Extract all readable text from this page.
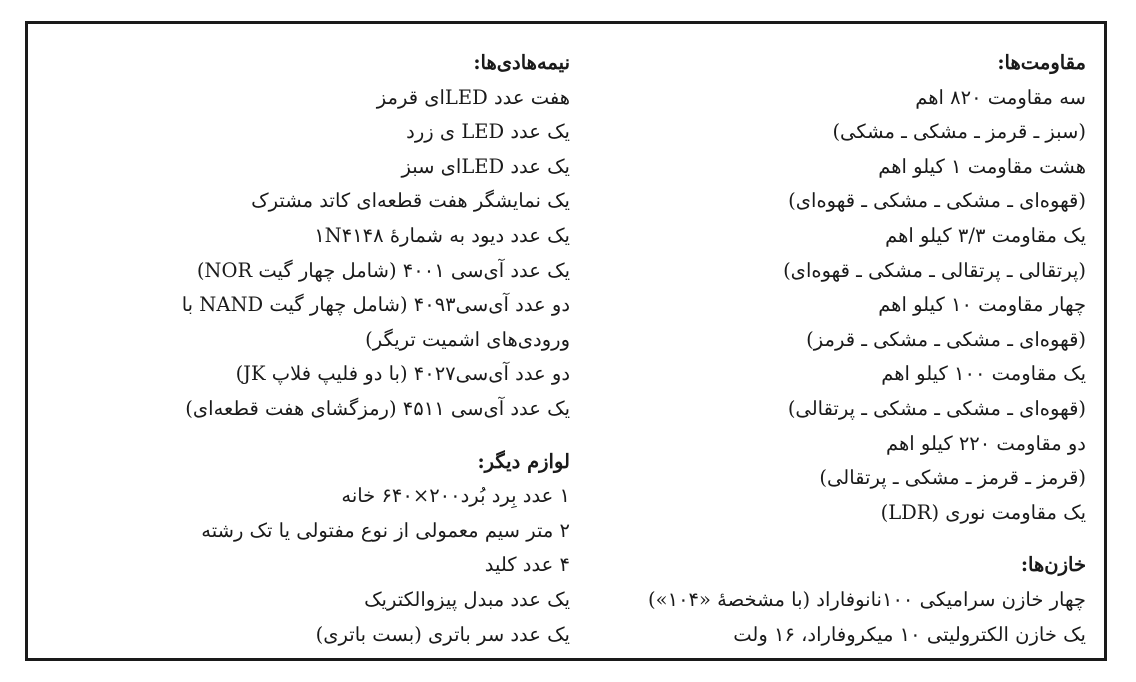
مقاومت‌ها:
سه مقاومت ۸۲۰ اهم
(سبز ـ قرمز ـ مشکی ـ مشکی)
هشت مقاومت ۱ کیلو اهم
(قهوه‌ای ـ مشکی ـ مشکی ـ قهوه‌ای)
یک مقاومت ۳/۳ کیلو اهم
(پرتقالی ـ پرتقالی ـ مشکی ـ قهوه‌ای)
چهار مقاومت ۱۰ کیلو اهم
(قهوه‌ای ـ مشکی ـ مشکی ـ قرمز)
یک مقاومت ۱۰۰ کیلو اهم
(قهوه‌ای ـ مشکی ـ مشکی ـ پرتقالی)
دو مقاومت ۲۲۰ کیلو اهم
(قرمز ـ قرمز ـ مشکی ـ پرتقالی)
یک مقاومت نوری (LDR)
خازن‌ها:
چهار خازن سرامیکی ۱۰۰نانوفاراد (با مشخصهٔ «۱۰۴»)
یک خازن الکترولیتی ۱۰ میکروفاراد، ۱۶ ولت
نیمه‌هادی‌ها:
هفت عدد LEDای قرمز
یک عدد LED ی زرد
یک عدد LEDای سبز
یک نمایشگر هفت قطعه‌ای کاتد مشترک
یک عدد دیود به شمارهٔ ۱N۴۱۴۸
یک عدد آی‌سی ۴۰۰۱ (شامل چهار گیت NOR)
دو عدد آی‌سی۴۰۹۳ (شامل چهار گیت NAND با
ورودی‌های اشمیت تریگر)
دو عدد آی‌سی۴۰۲۷ (با دو فلیپ فلاپ JK)
یک عدد آی‌سی ۴۵۱۱ (رمزگشای هفت قطعه‌ای)
لوازم دیگر:
۱ عدد بِرد بُرد۲۰۰×۶۴۰ خانه
۲ متر سیم معمولی از نوع مفتولی یا تک رشته
۴ عدد کلید
یک عدد مبدل پیزوالکتریک
یک عدد سر باتری (بست باتری)
